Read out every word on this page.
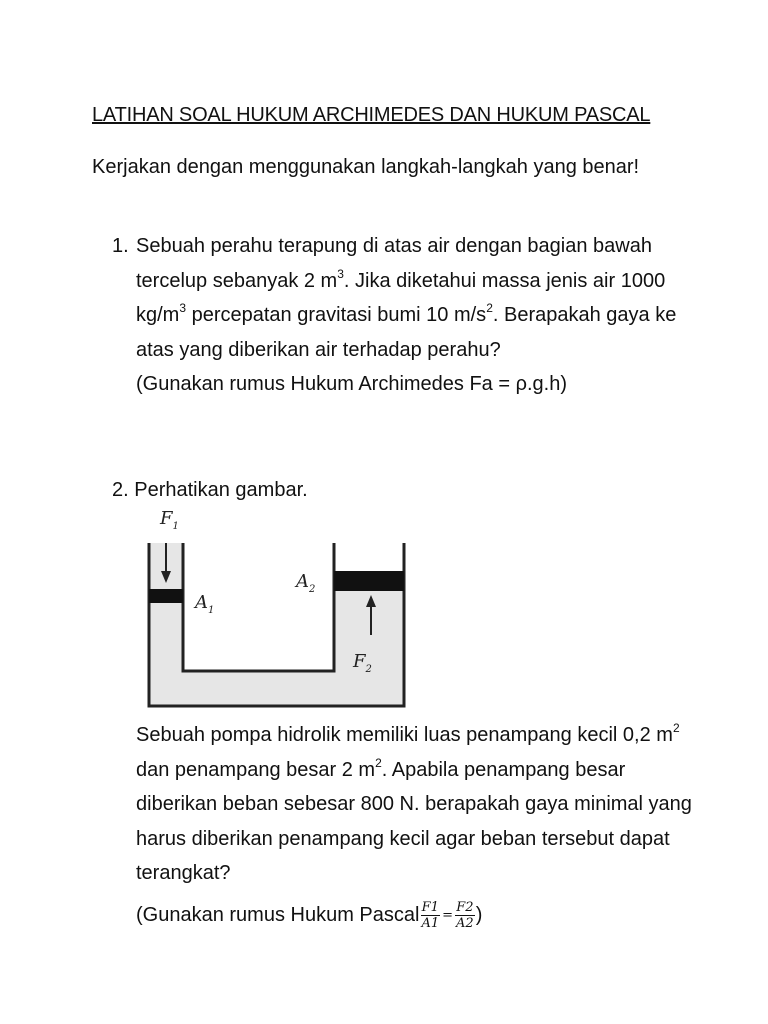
LATIHAN SOAL HUKUM ARCHIMEDES DAN HUKUM PASCAL
Kerjakan dengan menggunakan langkah-langkah yang benar!
1. Sebuah perahu terapung di atas air dengan bagian bawah tercelup sebanyak 2 $m^3$. Jika diketahui massa jenis air 1000 $kg/m^3$ percepatan gravitasi bumi 10 $m/s^2$. Berapakah gaya ke atas yang diberikan air terhadap perahu?
(Gunakan rumus Hukum Archimedes Fa = ρ.g.h)
2. Perhatikan gambar.
$F_1$
$A_1$
$A_2$
$F_2$
Sebuah pompa hidrolik memiliki luas penampang kecil 0,2 $m^2$ dan penampang besar 2 $m^2$. Apabila penampang besar diberikan beban sebesar 800 N. berapakah gaya minimal yang harus diberikan penampang kecil agar beban tersebut dapat terangkat?
(Gunakan rumus Hukum Pascal $\frac{F1}{A1} = \frac{F2}{A2}$ )
